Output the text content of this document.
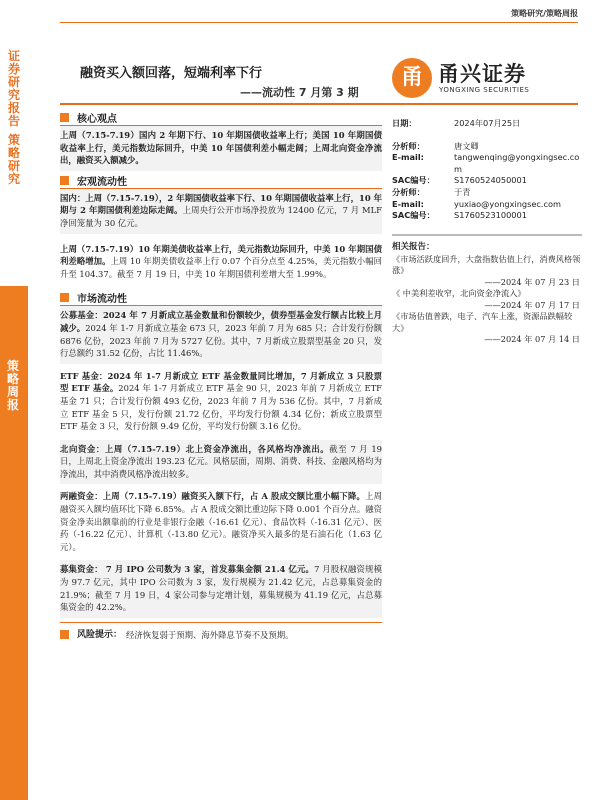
策略研究/策略周报
证券研究报告
策略研究
策略周报
融资买入额回落，短端利率下行
——流动性 7 月第 3 期
甬 甬兴证券
YONGXING SECURITIES
核心观点

上周（7.15-7.19）国内 2 年期下行、10 年期国债收益率上行；美国 10 年期国债收益率上行，美元指数边际回升，中美 10 年国债利差小幅走阔；上周北向资金净流出，融资买入额减少。

宏观流动性

国内：上周（7.15-7.19），2 年期国债收益率下行、10 年期国债收益率上行，10 年期与 2 年期国债利差边际走阔。上周央行公开市场净投放为 12400 亿元，7 月 MLF 净回笼量为 30 亿元。

上周（7.15-7.19）10 年期美债收益率上行，美元指数边际回升，中美 10 年期国债利差略增加。上周 10 年期美债收益率上行 0.07 个百分点至 4.25%，美元指数小幅回升至 104.37。截至 7 月 19 日，中美 10 年期国债利差增大至 1.99%。

市场流动性

公募基金：2024 年 7 月新成立基金数量和份额较少，债券型基金发行额占比较上月减少。2024 年 1-7 月新成立基金 673 只，2023 年前 7 月为 685 只；合计发行份额 6876 亿份，2023 年前 7 月为 5727 亿份。其中，7 月新成立股票型基金 20 只，发行总额约 31.52 亿份，占比 11.46%。

ETF 基金：2024 年 1-7 月新成立 ETF 基金数量同比增加，7 月新成立 3 只股票型 ETF 基金。2024 年 1-7 月新成立 ETF 基金 90 只，2023 年前 7 月新成立 ETF 基金 71 只；合计发行份额 493 亿份，2023 年前 7 月为 536 亿份。其中，7 月新成立 ETF 基金 5 只，发行份额 21.72 亿份，平均发行份额 4.34 亿份；新成立股票型 ETF 基金 3 只，发行份额 9.49 亿份，平均发行份额 3.16 亿份。

北向资金：上周（7.15-7.19）北上资金净流出，各风格均净流出。截至 7 月 19 日，上周北上资金净流出 193.23 亿元。风格层面，周期、消费、科技、金融风格均为净流出，其中消费风格净流出较多。

两融资金：上周（7.15-7.19）融资买入额下行，占 A 股成交额比重小幅下降。上周融资买入额均值环比下降 6.85%。占 A 股成交额比重边际下降 0.001 个百分点。融资资金净卖出额靠前的行业是非银行金融（-16.61 亿元）、食品饮料（-16.31 亿元）、医药（-16.22 亿元）、计算机（-13.80 亿元）。融资净买入最多的是石油石化（1.63 亿元）。

募集资金： 7 月 IPO 公司数为 3 家，首发募集金额 21.4 亿元。7 月股权融资规模为 97.7 亿元，其中 IPO 公司数为 3 家，发行规模为 21.42 亿元，占总募集资金的 21.9%；截至 7 月 19 日，4 家公司参与定增计划，募集规模为 41.19 亿元，占总募集资金的 42.2%。

风险提示： 经济恢复弱于预期、海外降息节奏不及预期。
日期：	2024年07月25日
分析师：	唐文卿
E-mail:	tangwenqing@yongxingsec.com
SAC编号：	S1760524050001
分析师：	于青
E-mail:	yuxiao@yongxingsec.com
SAC编号：	S1760523100001
相关报告：
《市场活跃度回升，大盘指数估值上行，消费风格领涨》
——2024 年 07 月 23 日
《 中美利差收窄，北向资金净流入》
——2024 年 07 月 17 日
《市场估值普跌，电子、汽车上涨，资源品跌幅较大》
——2024 年 07 月 14 日
